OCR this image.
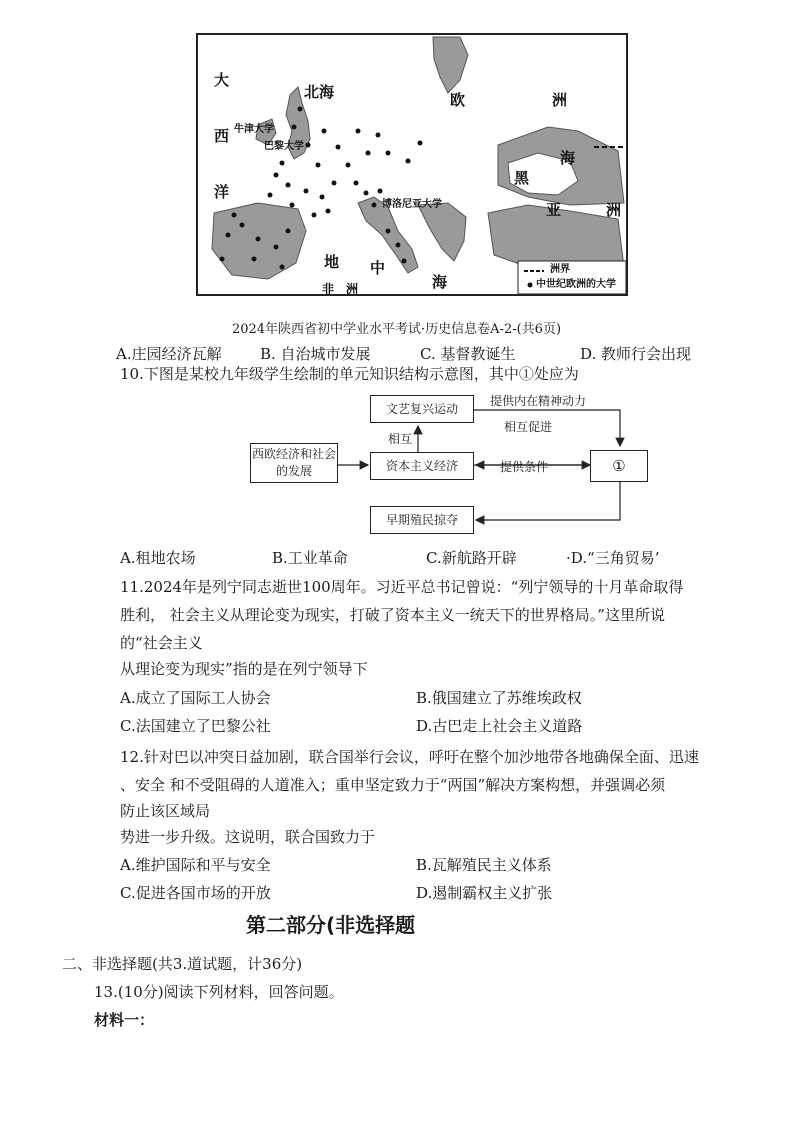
大
西
洋
北海	欧	洲
黑
海
亚	洲
地 中
海
非　洲
牛津大学
巴黎大学
博洛尼亚大学
洲界
中世纪欧洲的大学
2024年陕西省初中学业水平考试·历史信息卷A-2-(共6页)
A.庄园经济瓦解	B. 自治城市发展	C. 基督教诞生	D. 教师行会出现
10.下图是某校九年级学生绘制的单元知识结构示意图，其中①处应为
文艺复兴运动
西欧经济和社会的发展	资本主义经济	①
早期殖民掠夺
提供内在精神动力
相互促进
相互
提供条件
A.租地农场	B.工业革命	C.新航路开辟	·D.“三角贸易’
11.2024年是列宁同志逝世100周年。习近平总书记曾说：“列宁领导的十月革命取得
胜利， 社会主义从理论变为现实，打破了资本主义一统天下的世界格局。”这里所说
的“社会主义
从理论变为现实”指的是在列宁领导下
A.成立了国际工人协会	B.俄国建立了苏维埃政权
C.法国建立了巴黎公社	D.古巴走上社会主义道路
12.针对巴以冲突日益加剧，联合国举行会议，呼吁在整个加沙地带各地确保全面、迅速
、安全 和不受阻碍的人道准入；重申坚定致力于“两国”解决方案构想，并强调必须
防止该区域局
势进一步升级。这说明，联合国致力于
A.维护国际和平与安全	B.瓦解殖民主义体系
C.促进各国市场的开放	D.遏制霸权主义扩张
第二部分(非选择题
二、非选择题(共3.道试题，计36分)
13.(10分)阅读下列材料，回答问题。
材料一：
